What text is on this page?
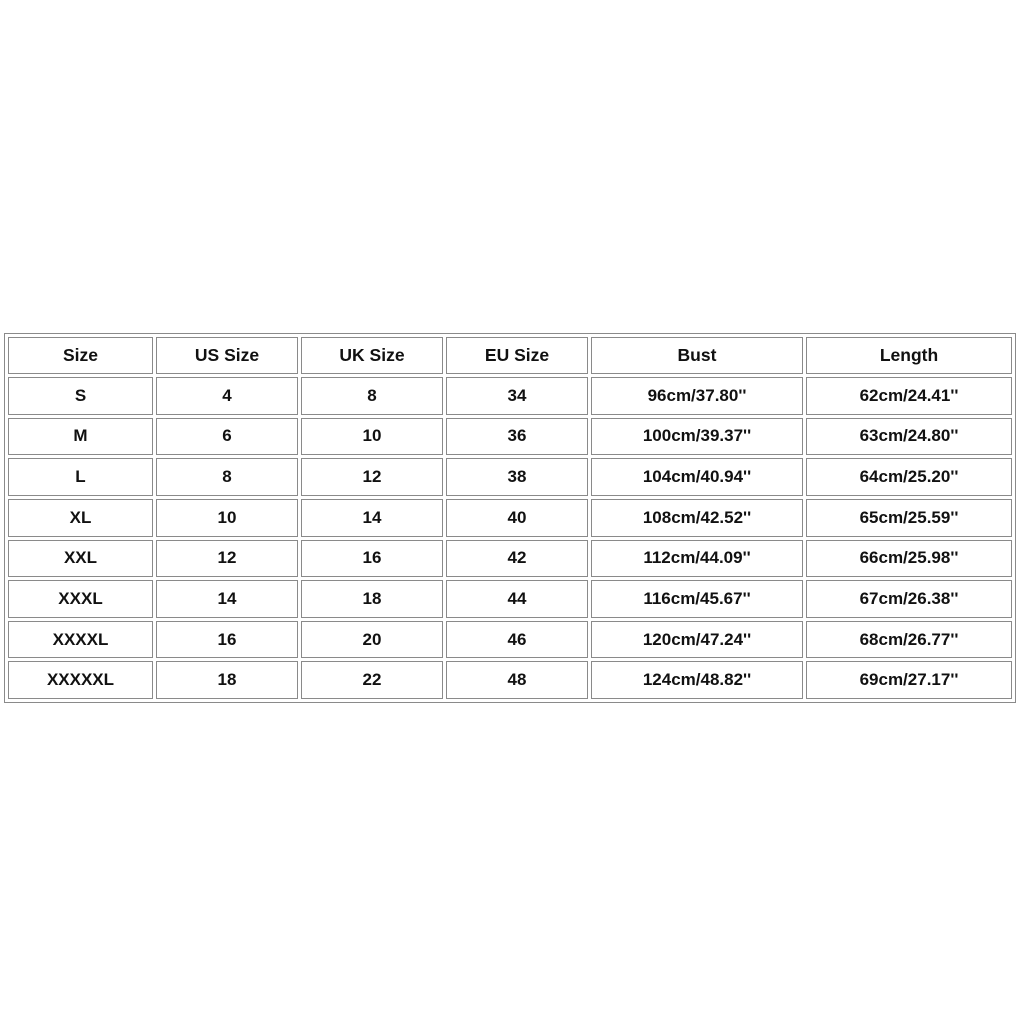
Size	US Size	UK Size	EU Size	Bust	Length
S	4	8	34	96cm/37.80''	62cm/24.41''
M	6	10	36	100cm/39.37''	63cm/24.80''
L	8	12	38	104cm/40.94''	64cm/25.20''
XL	10	14	40	108cm/42.52''	65cm/25.59''
XXL	12	16	42	112cm/44.09''	66cm/25.98''
XXXL	14	18	44	116cm/45.67''	67cm/26.38''
XXXXL	16	20	46	120cm/47.24''	68cm/26.77''
XXXXXL	18	22	48	124cm/48.82''	69cm/27.17''
